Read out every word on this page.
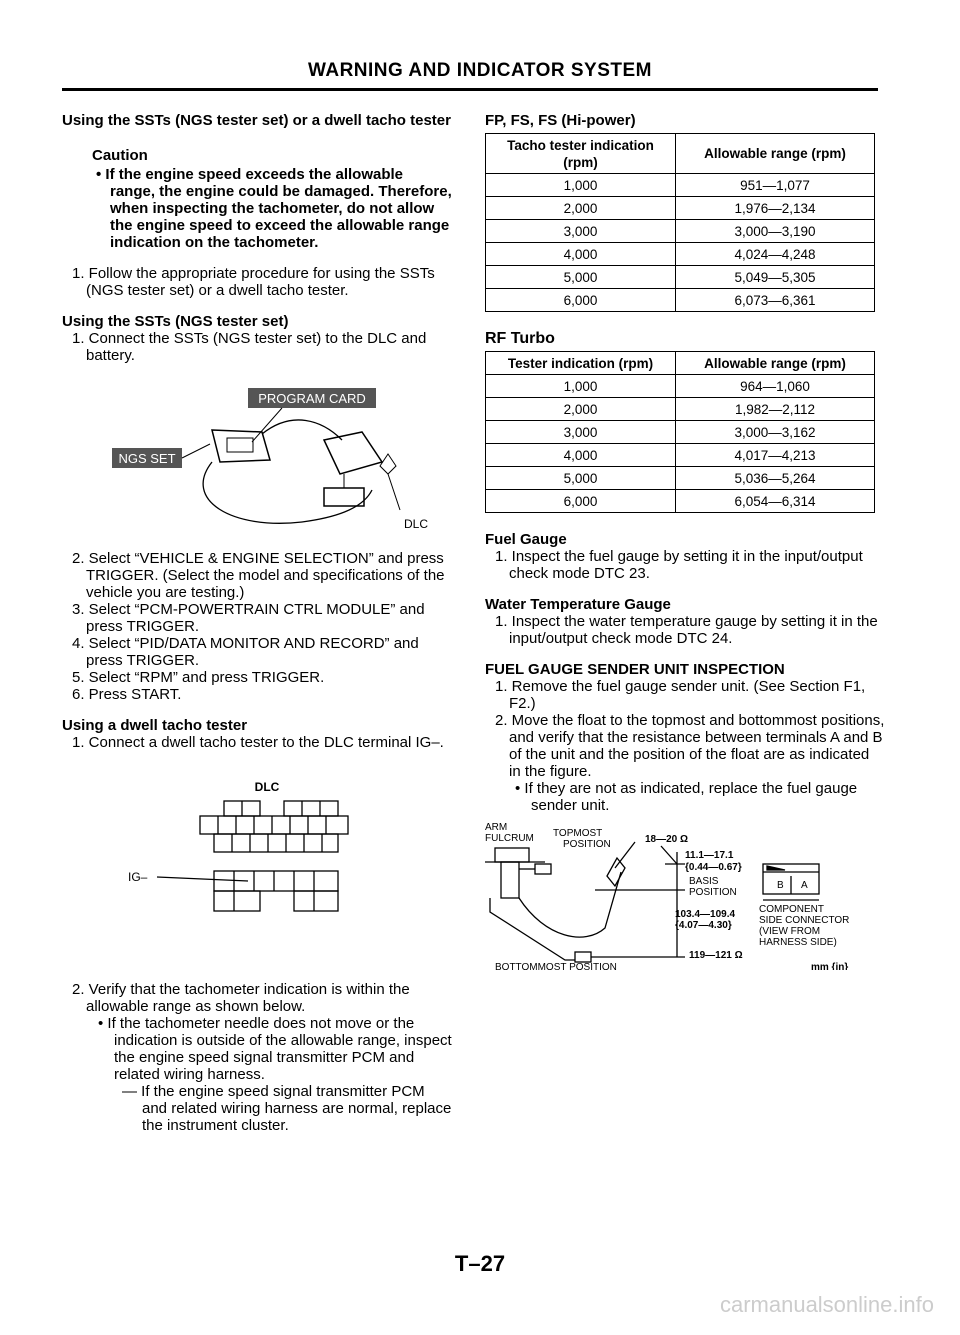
WARNING AND INDICATOR SYSTEM
Using the SSTs (NGS tester set) or a dwell tacho tester
Caution
• If the engine speed exceeds the allowable range, the engine could be damaged. Therefore, when inspecting the tachometer, do not allow the engine speed to exceed the allowable range indication on the tachometer.
1. Follow the appropriate procedure for using the SSTs (NGS tester set) or a dwell tacho tester.
Using the SSTs (NGS tester set)
1. Connect the SSTs (NGS tester set) to the DLC and battery.
PROGRAM CARD
NGS SET
DLC
2. Select “VEHICLE & ENGINE SELECTION” and press TRIGGER. (Select the model and specifications of the vehicle you are testing.)
3. Select “PCM-POWERTRAIN CTRL MODULE” and press TRIGGER.
4. Select “PID/DATA MONITOR AND RECORD” and press TRIGGER.
5. Select “RPM” and press TRIGGER.
6. Press START.
Using a dwell tacho tester
1. Connect a dwell tacho tester to the DLC terminal IG–.
DLC
IG–
2. Verify that the tachometer indication is within the allowable range as shown below.
• If the tachometer needle does not move or the indication is outside of the allowable range, inspect the engine speed signal transmitter PCM and related wiring harness.
— If the engine speed signal transmitter PCM and related wiring harness are normal, replace the instrument cluster.
FP, FS, FS (Hi-power)
Tacho tester indication (rpm)	Allowable range (rpm)
1,000	951—1,077
2,000	1,976—2,134
3,000	3,000—3,190
4,000	4,024—4,248
5,000	5,049—5,305
6,000	6,073—6,361
RF Turbo
Tester indication (rpm)	Allowable range (rpm)
1,000	964—1,060
2,000	1,982—2,112
3,000	3,000—3,162
4,000	4,017—4,213
5,000	5,036—5,264
6,000	6,054—6,314
Fuel Gauge
1. Inspect the fuel gauge by setting it in the input/output check mode DTC 23.
Water Temperature Gauge
1. Inspect the water temperature gauge by setting it in the input/output check mode DTC 24.
FUEL GAUGE SENDER UNIT INSPECTION
1. Remove the fuel gauge sender unit. (See Section F1, F2.)
2. Move the float to the topmost and bottommost positions, and verify that the resistance between terminals A and B of the unit and the position of the float are as indicated in the figure.
• If they are not as indicated, replace the fuel gauge sender unit.
ARM
FULCRUM TOPMOST
POSITION	18—20 Ω
11.1—17.1
{0.44—0.67}
BASIS
POSITION
103.4—109.4
{4.07—4.30}
119—121 Ω
BOTTOMMOST POSITION
COMPONENT
SIDE CONNECTOR
(VIEW FROM
HARNESS SIDE)
mm {in}
B A
T–27
carmanualsonline.info
